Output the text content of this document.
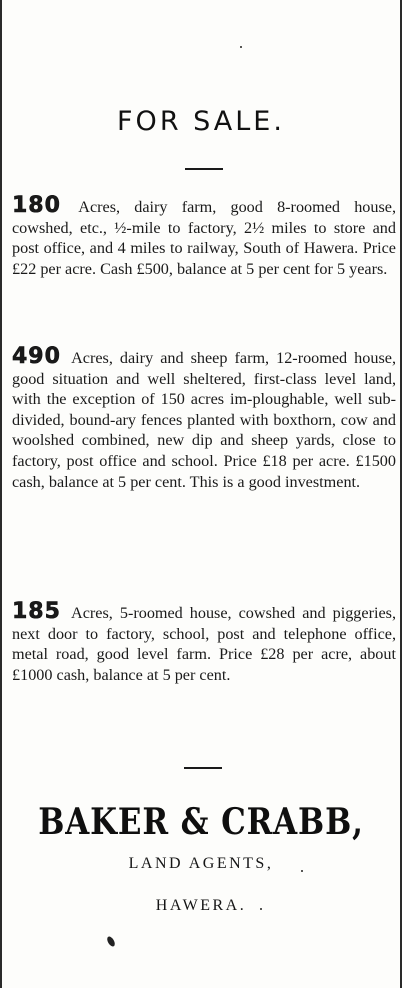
FOR SALE.
180 Acres, dairy farm, good 8-roomed house, cowshed, etc., ½-mile to factory, 2½ miles to store and post office, and 4 miles to railway, South of Hawera. Price £22 per acre. Cash £500, balance at 5 per cent for 5 years.
490 Acres, dairy and sheep farm, 12-roomed house, good situation and well sheltered, first-class level land, with the exception of 150 acres im-ploughable, well sub-divided, bound-ary fences planted with boxthorn, cow and woolshed combined, new dip and sheep yards, close to factory, post office and school. Price £18 per acre. £1500 cash, balance at 5 per cent. This is a good investment.
185 Acres, 5-roomed house, cowshed and piggeries, next door to factory, school, post and telephone office, metal road, good level farm. Price £28 per acre, about £1000 cash, balance at 5 per cent.
BAKER & CRABB,
LAND AGENTS,
HAWERA.
